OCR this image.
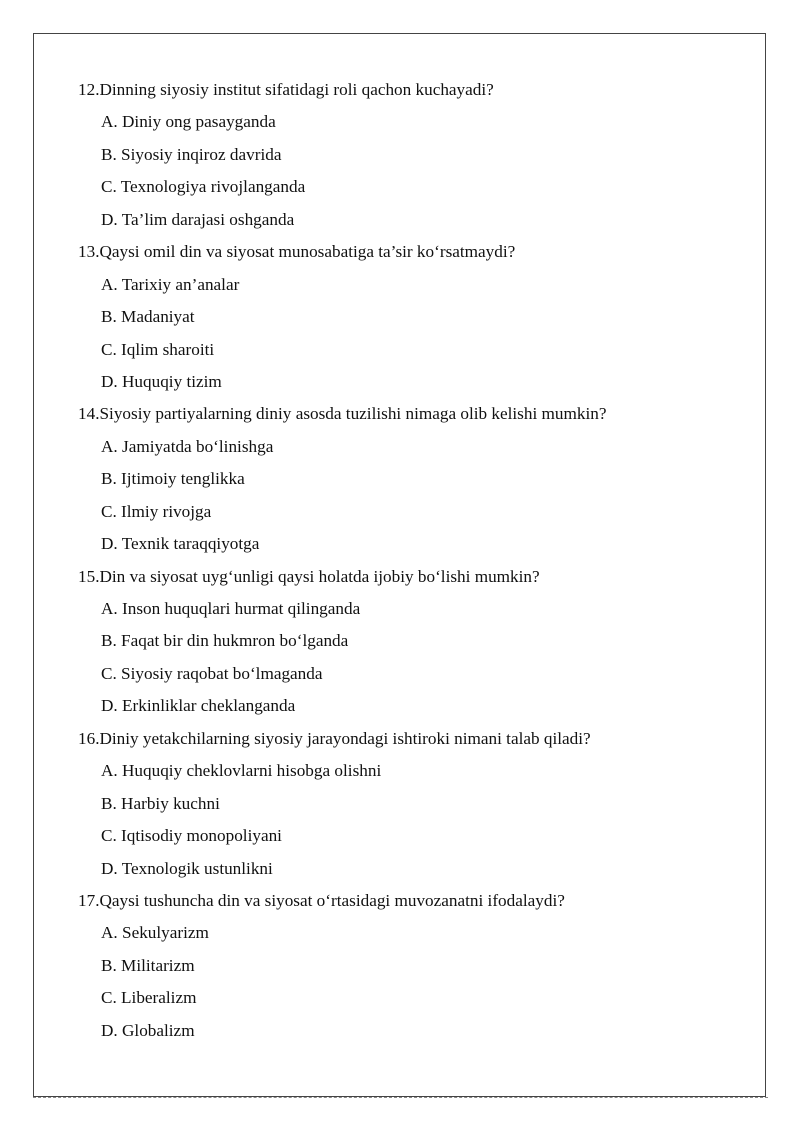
12.Dinning siyosiy institut sifatidagi roli qachon kuchayadi?
A. Diniy ong pasayganda
B. Siyosiy inqiroz davrida
C. Texnologiya rivojlanganda
D. Ta’lim darajasi oshganda
13.Qaysi omil din va siyosat munosabatiga ta’sir ko‘rsatmaydi?
A. Tarixiy an’analar
B. Madaniyat
C. Iqlim sharoiti
D. Huquqiy tizim
14.Siyosiy partiyalarning diniy asosda tuzilishi nimaga olib kelishi mumkin?
A. Jamiyatda bo‘linishga
B. Ijtimoiy tenglikka
C. Ilmiy rivojga
D. Texnik taraqqiyotga
15.Din va siyosat uyg‘unligi qaysi holatda ijobiy bo‘lishi mumkin?
A. Inson huquqlari hurmat qilinganda
B. Faqat bir din hukmron bo‘lganda
C. Siyosiy raqobat bo‘lmaganda
D. Erkinliklar cheklanganda
16.Diniy yetakchilarning siyosiy jarayondagi ishtiroki nimani talab qiladi?
A. Huquqiy cheklovlarni hisobga olishni
B. Harbiy kuchni
C. Iqtisodiy monopoliyani
D. Texnologik ustunlikni
17.Qaysi tushuncha din va siyosat o‘rtasidagi muvozanatni ifodalaydi?
A. Sekulyarizm
B. Militarizm
C. Liberalizm
D. Globalizm
